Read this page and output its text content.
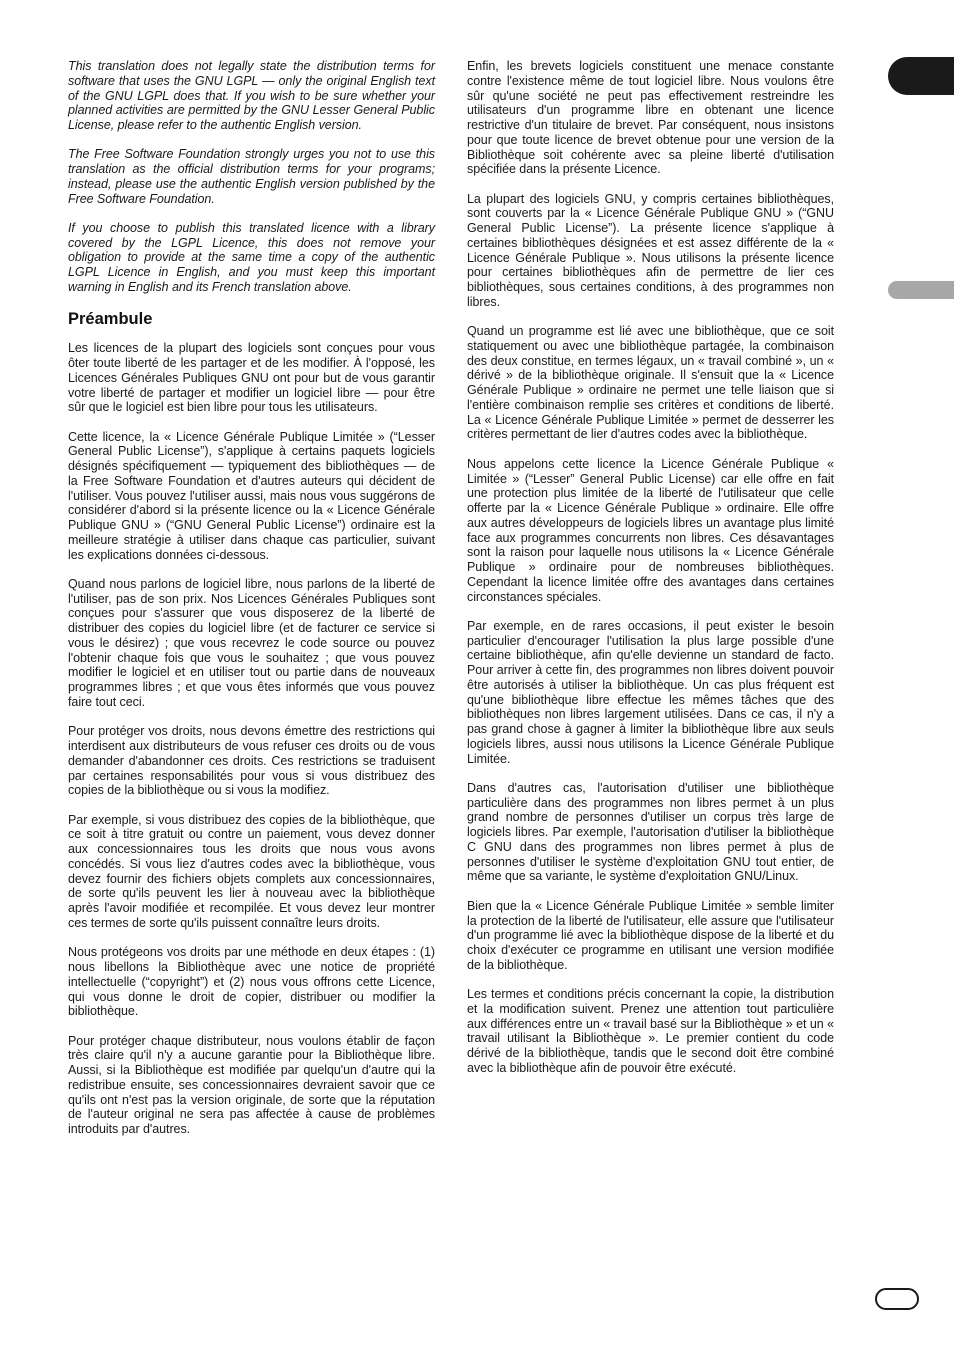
This translation does not legally state the distribution terms for software that uses the GNU LGPL — only the original English text of the GNU LGPL does that. If you wish to be sure whether your planned activities are permitted by the GNU Lesser General Public License, please refer to the authentic English version.

The Free Software Foundation strongly urges you not to use this translation as the official distribution terms for your programs; instead, please use the authentic English version published by the Free Software Foundation.

If you choose to publish this translated licence with a library covered by the LGPL Licence, this does not remove your obligation to provide at the same time a copy of the authentic LGPL Licence in English, and you must keep this important warning in English and its French translation above.

Préambule

Les licences de la plupart des logiciels sont conçues pour vous ôter toute liberté de les partager et de les modifier. À l'opposé, les Licences Générales Publiques GNU ont pour but de vous garantir votre liberté de partager et modifier un logiciel libre — pour être sûr que le logiciel est bien libre pour tous les utilisateurs.

Cette licence, la « Licence Générale Publique Limitée » (“Lesser General Public License”), s'applique à certains paquets logiciels désignés spécifiquement — typiquement des bibliothèques — de la Free Software Foundation et d'autres auteurs qui décident de l'utiliser. Vous pouvez l'utiliser aussi, mais nous vous suggérons de considérer d'abord si la présente licence ou la « Licence Générale Publique GNU » (“GNU General Public License”) ordinaire est la meilleure stratégie à utiliser dans chaque cas particulier, suivant les explications données ci-dessous.

Quand nous parlons de logiciel libre, nous parlons de la liberté de l'utiliser, pas de son prix. Nos Licences Générales Publiques sont conçues pour s'assurer que vous disposerez de la liberté de distribuer des copies du logiciel libre (et de facturer ce service si vous le désirez) ; que vous recevrez le code source ou pouvez l'obtenir chaque fois que vous le souhaitez ; que vous pouvez modifier le logiciel et en utiliser tout ou partie dans de nouveaux programmes libres ; et que vous êtes informés que vous pouvez faire tout ceci.

Pour protéger vos droits, nous devons émettre des restrictions qui interdisent aux distributeurs de vous refuser ces droits ou de vous demander d'abandonner ces droits. Ces restrictions se traduisent par certaines responsabilités pour vous si vous distribuez des copies de la bibliothèque ou si vous la modifiez.

Par exemple, si vous distribuez des copies de la bibliothèque, que ce soit à titre gratuit ou contre un paiement, vous devez donner aux concessionnaires tous les droits que nous vous avons concédés. Si vous liez d'autres codes avec la bibliothèque, vous devez fournir des fichiers objets complets aux concessionnaires, de sorte qu'ils peuvent les lier à nouveau avec la bibliothèque après l'avoir modifiée et recompilée. Et vous devez leur montrer ces termes de sorte qu'ils puissent connaître leurs droits.

Nous protégeons vos droits par une méthode en deux étapes : (1) nous libellons la Bibliothèque avec une notice de propriété intellectuelle (“copyright”) et (2) nous vous offrons cette Licence, qui vous donne le droit de copier, distribuer ou modifier la bibliothèque.

Pour protéger chaque distributeur, nous voulons établir de façon très claire qu'il n'y a aucune garantie pour la Bibliothèque libre. Aussi, si la Bibliothèque est modifiée par quelqu'un d'autre qui la redistribue ensuite, ses concessionnaires devraient savoir que ce qu'ils ont n'est pas la version originale, de sorte que la réputation de l'auteur original ne sera pas affectée à cause de problèmes introduits par d'autres.

Enfin, les brevets logiciels constituent une menace constante contre l'existence même de tout logiciel libre. Nous voulons être sûr qu'une société ne peut pas effectivement restreindre les utilisateurs d'un programme libre en obtenant une licence restrictive d'un titulaire de brevet. Par conséquent, nous insistons pour que toute licence de brevet obtenue pour une version de la Bibliothèque soit cohérente avec sa pleine liberté d'utilisation spécifiée dans la présente Licence.

La plupart des logiciels GNU, y compris certaines bibliothèques, sont couverts par la « Licence Générale Publique GNU » (“GNU General Public License”). La présente licence s'applique à certaines bibliothèques désignées et est assez différente de la « Licence Générale Publique ». Nous utilisons la présente licence pour certaines bibliothèques afin de permettre de lier ces bibliothèques, sous certaines conditions, à des programmes non libres.

Quand un programme est lié avec une bibliothèque, que ce soit statiquement ou avec une bibliothèque partagée, la combinaison des deux constitue, en termes légaux, un « travail combiné », un « dérivé » de la bibliothèque originale. Il s'ensuit que la « Licence Générale Publique » ordinaire ne permet une telle liaison que si l'entière combinaison remplie ses critères et conditions de liberté. La « Licence Générale Publique Limitée » permet de desserrer les critères permettant de lier d'autres codes avec la bibliothèque.

Nous appelons cette licence la Licence Générale Publique « Limitée » (“Lesser” General Public License) car elle offre en fait une protection plus limitée de la liberté de l'utilisateur que celle offerte par la « Licence Générale Publique » ordinaire. Elle offre aux autres développeurs de logiciels libres un avantage plus limité face aux programmes concurrents non libres. Ces désavantages sont la raison pour laquelle nous utilisons la « Licence Générale Publique » ordinaire pour de nombreuses bibliothèques. Cependant la licence limitée offre des avantages dans certaines circonstances spéciales.

Par exemple, en de rares occasions, il peut exister le besoin particulier d'encourager l'utilisation la plus large possible d'une certaine bibliothèque, afin qu'elle devienne un standard de facto. Pour arriver à cette fin, des programmes non libres doivent pouvoir être autorisés à utiliser la bibliothèque. Un cas plus fréquent est qu'une bibliothèque libre effectue les mêmes tâches que des bibliothèques non libres largement utilisées. Dans ce cas, il n'y a pas grand chose à gagner à limiter la bibliothèque libre aux seuls logiciels libres, aussi nous utilisons la Licence Générale Publique Limitée.

Dans d'autres cas, l'autorisation d'utiliser une bibliothèque particulière dans des programmes non libres permet à un plus grand nombre de personnes d'utiliser un corpus très large de logiciels libres. Par exemple, l'autorisation d'utiliser la bibliothèque C GNU dans des programmes non libres permet à plus de personnes d'utiliser le système d'exploitation GNU tout entier, de même que sa variante, le système d'exploitation GNU/Linux.

Bien que la « Licence Générale Publique Limitée » semble limiter la protection de la liberté de l'utilisateur, elle assure que l'utilisateur d'un programme lié avec la bibliothèque dispose de la liberté et du choix d'exécuter ce programme en utilisant une version modifiée de la bibliothèque.

Les termes et conditions précis concernant la copie, la distribution et la modification suivent. Prenez une attention tout particulière aux différences entre un « travail basé sur la Bibliothèque » et un « travail utilisant la Bibliothèque ». Le premier contient du code dérivé de la bibliothèque, tandis que le second doit être combiné avec la bibliothèque afin de pouvoir être exécuté.
